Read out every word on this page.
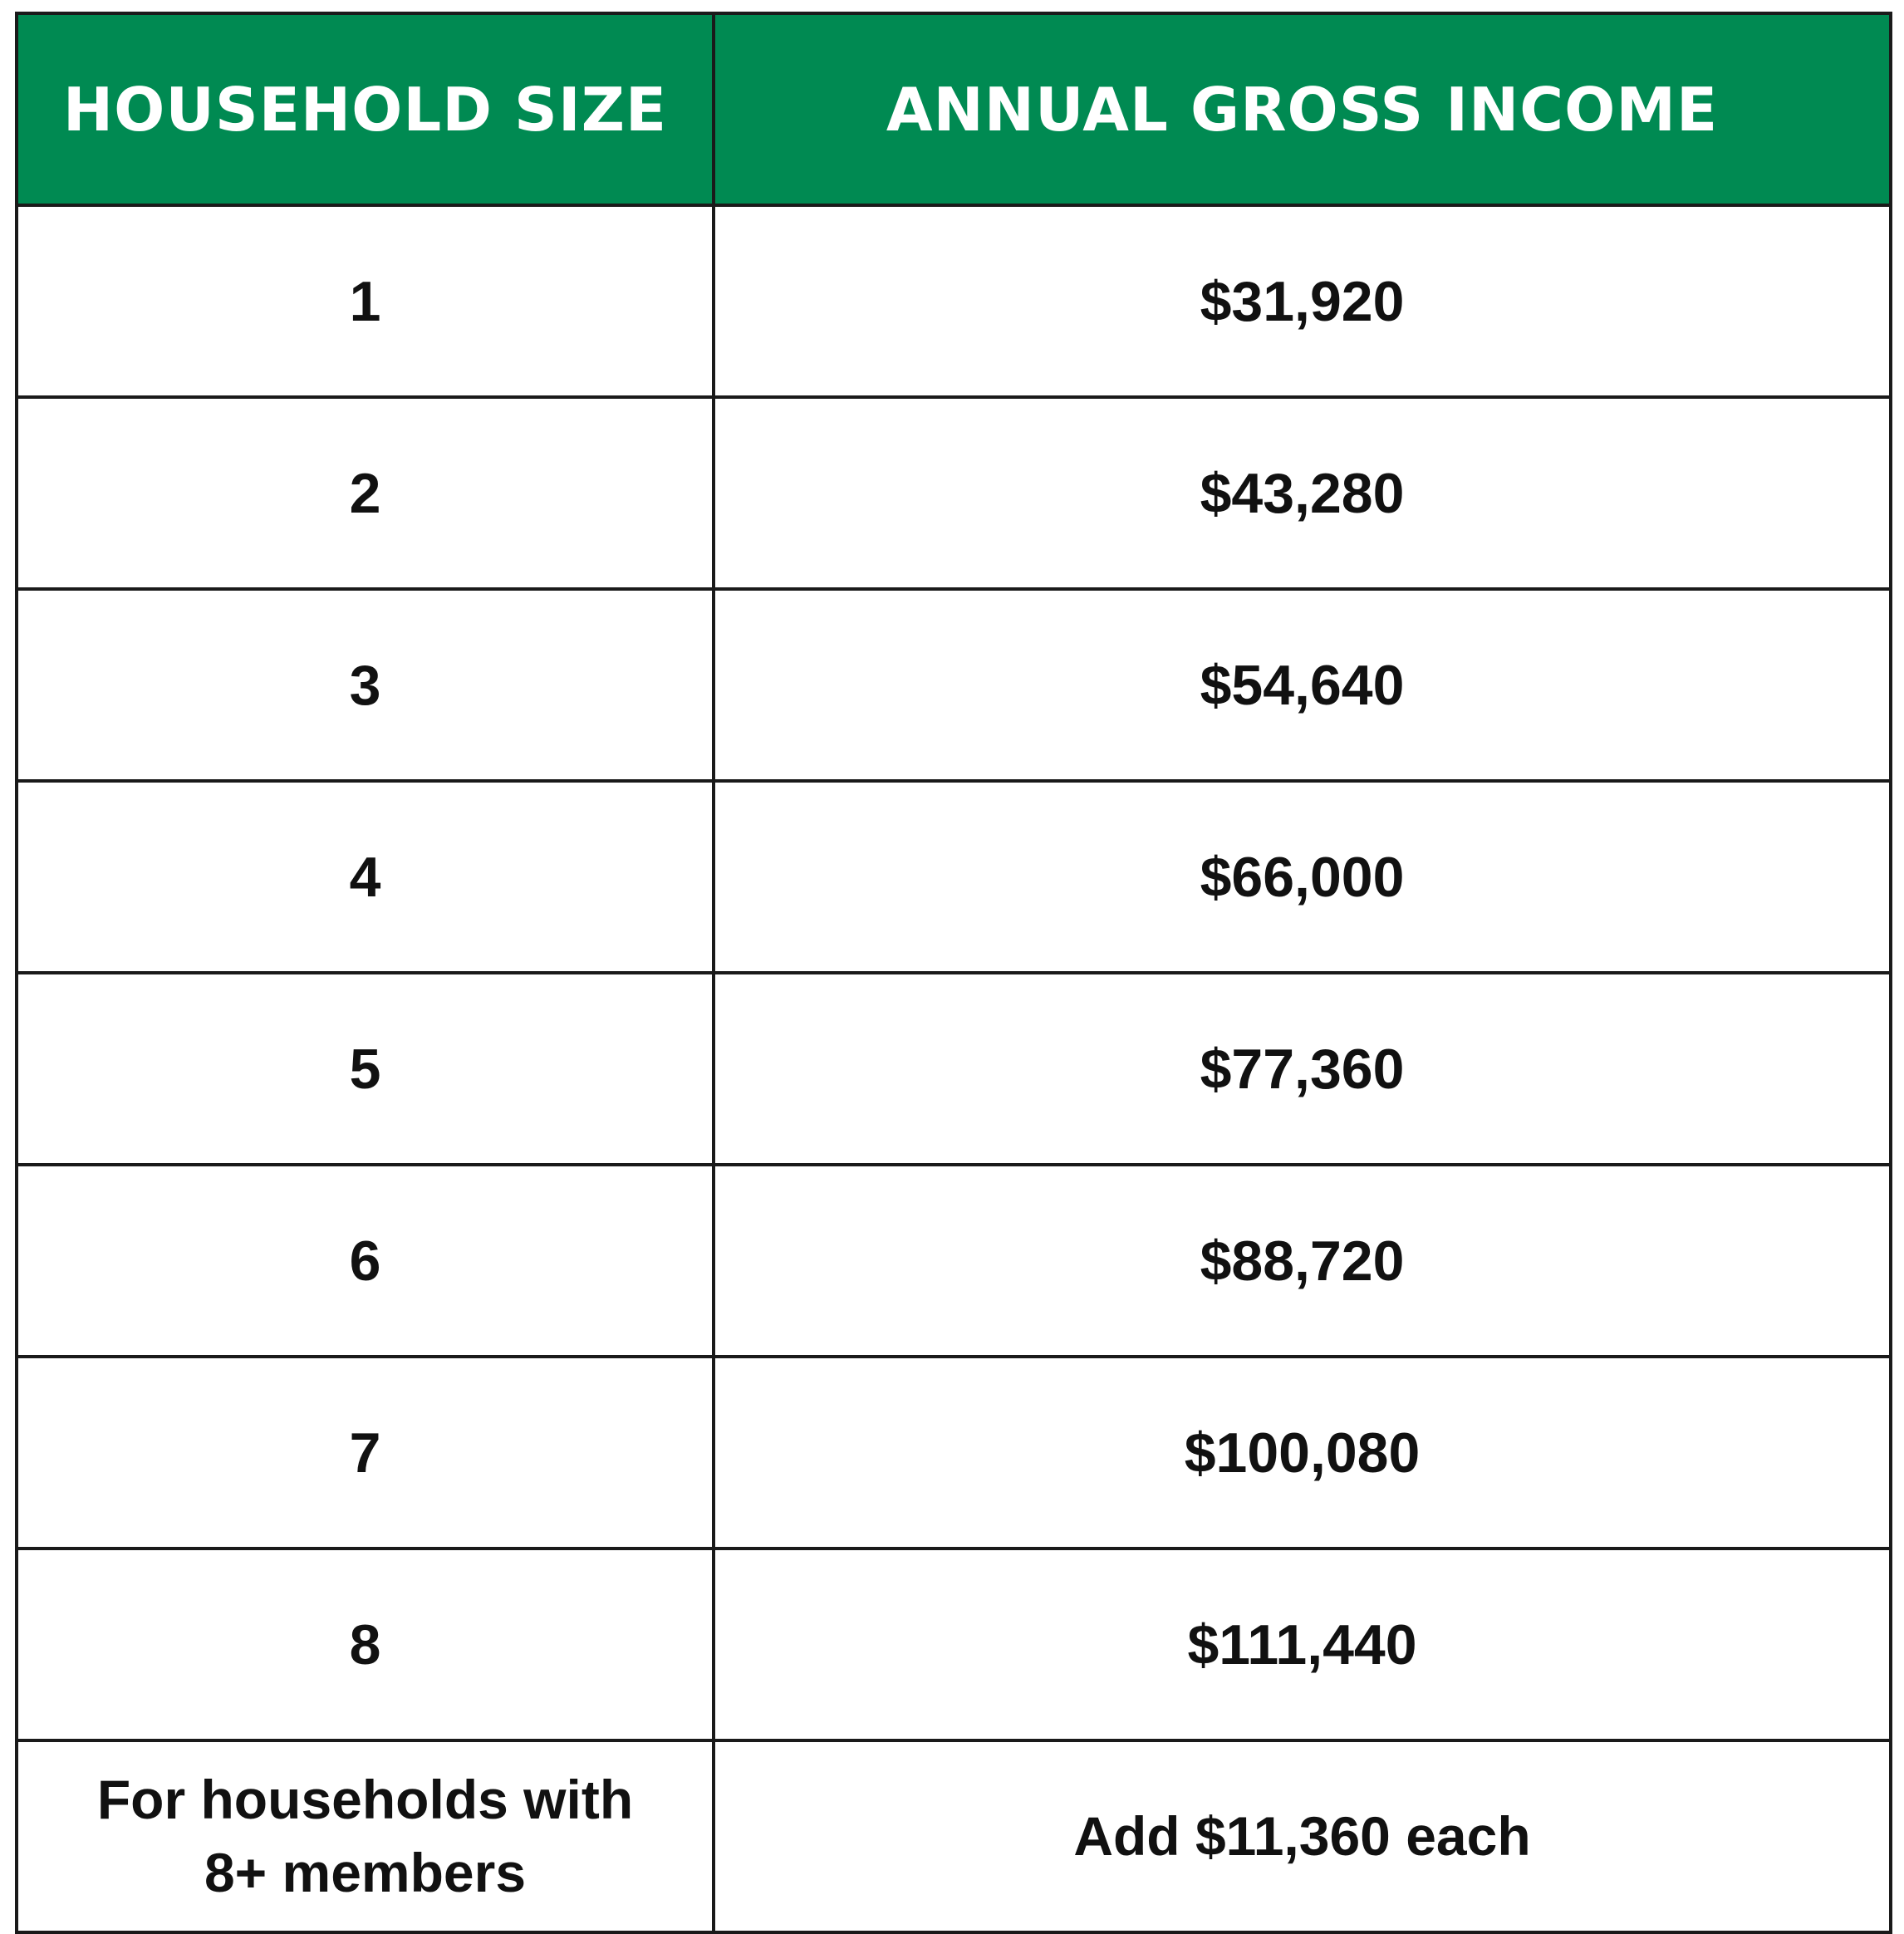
HOUSEHOLD SIZE	ANNUAL GROSS INCOME
1	$31,920
2	$43,280
3	$54,640
4	$66,000
5	$77,360
6	$88,720
7	$100,080
8	$111,440

For households with
8+ members	Add $11,360 each
